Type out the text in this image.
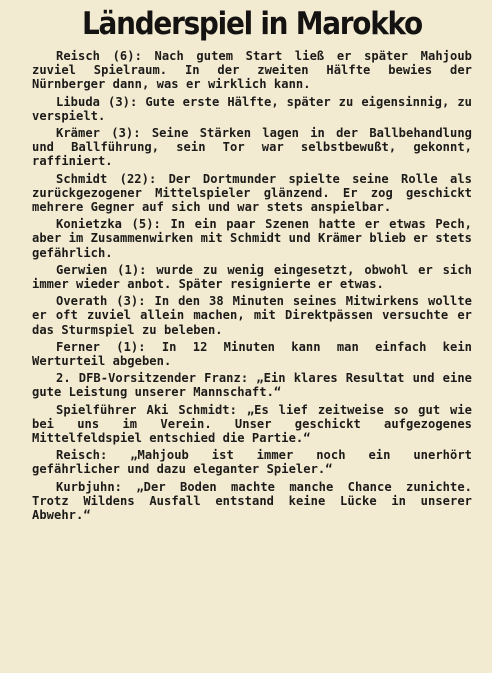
Länderspiel in Marokko

Reisch (6): Nach gutem Start ließ er später Mahjoub zuviel Spielraum. In der zweiten Hälfte bewies der Nürnberger dann, was er wirklich kann.

Libuda (3): Gute erste Hälfte, später zu eigensinnig, zu verspielt.

Krämer (3): Seine Stärken lagen in der Ballbehandlung und Ballführung, sein Tor war selbstbewußt, gekonnt, raffiniert.

Schmidt (22): Der Dortmunder spielte seine Rolle als zurückgezogener Mittelspieler glänzend. Er zog geschickt mehrere Gegner auf sich und war stets anspielbar.

Konietzka (5): In ein paar Szenen hatte er etwas Pech, aber im Zusammenwirken mit Schmidt und Krämer blieb er stets gefährlich.

Gerwien (1): wurde zu wenig eingesetzt, obwohl er sich immer wieder anbot. Später resignierte er etwas.

Overath (3): In den 38 Minuten seines Mitwirkens wollte er oft zuviel allein machen, mit Direktpässen versuchte er das Sturmspiel zu beleben.

Ferner (1): In 12 Minuten kann man einfach kein Werturteil abgeben.

2. DFB-Vorsitzender Franz: „Ein klares Resultat und eine gute Leistung unserer Mannschaft.“

Spielführer Aki Schmidt: „Es lief zeitweise so gut wie bei uns im Verein. Unser geschickt aufgezogenes Mittelfeldspiel entschied die Partie.“

Reisch: „Mahjoub ist immer noch ein unerhört gefährlicher und dazu eleganter Spieler.“

Kurbjuhn: „Der Boden machte manche Chance zunichte. Trotz Wildens Ausfall entstand keine Lücke in unserer Abwehr.“
